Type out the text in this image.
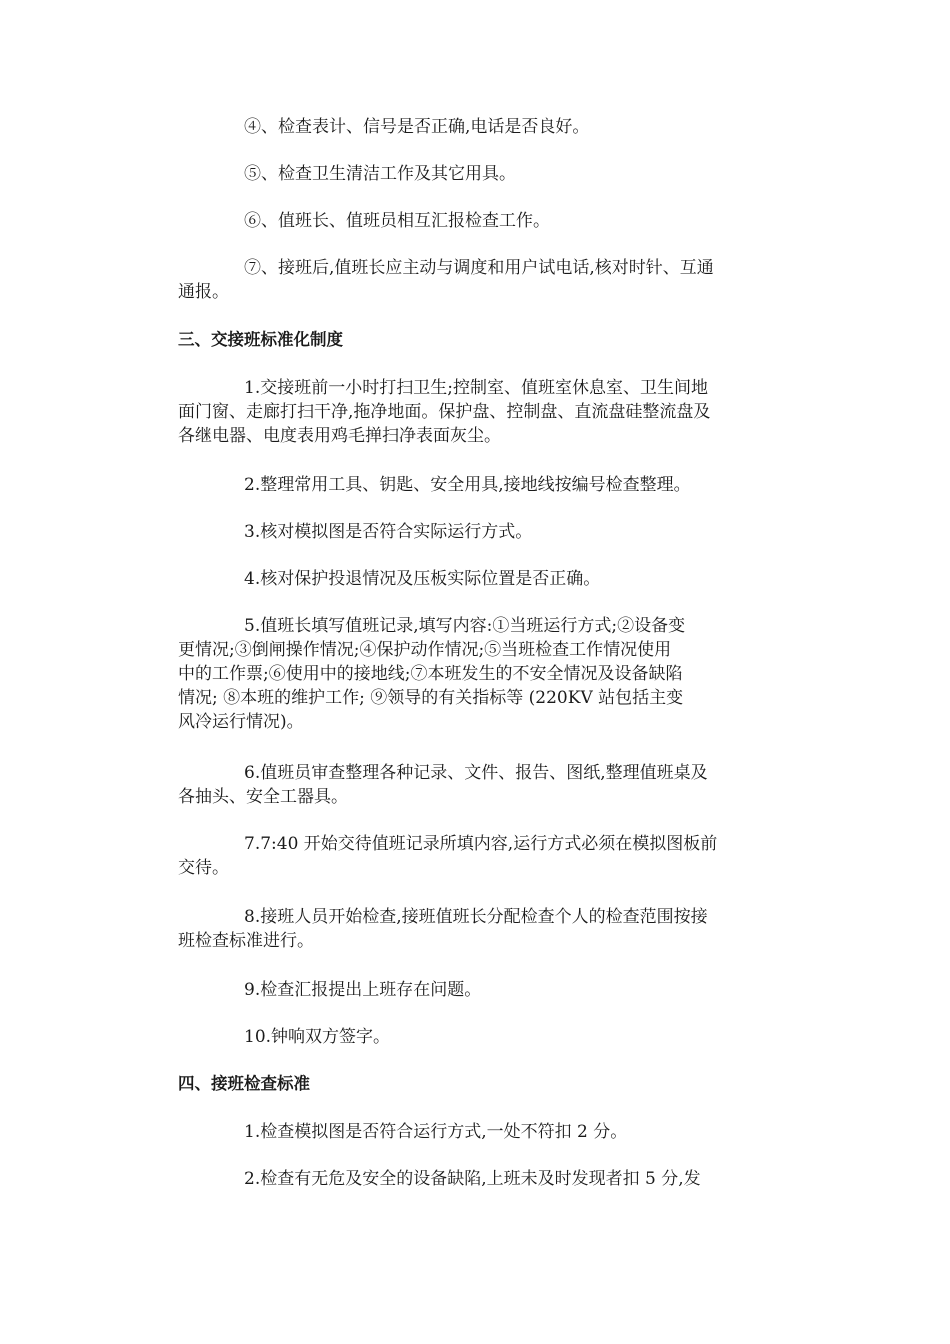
④、检查表计、信号是否正确,电话是否良好。

⑤、检查卫生清洁工作及其它用具。

⑥、值班长、值班员相互汇报检查工作。

⑦、接班后,值班长应主动与调度和用户试电话,核对时针、互通
通报。

三、交接班标准化制度

1.交接班前一小时打扫卫生;控制室、值班室休息室、卫生间地
面门窗、走廊打扫干净,拖净地面。保护盘、控制盘、直流盘硅整流盘及
各继电器、电度表用鸡毛掸扫净表面灰尘。

2.整理常用工具、钥匙、安全用具,接地线按编号检查整理。

3.核对模拟图是否符合实际运行方式。

4.核对保护投退情况及压板实际位置是否正确。

5.值班长填写值班记录,填写内容:①当班运行方式;②设备变
更情况;③倒闸操作情况;④保护动作情况;⑤当班检查工作情况使用
中的工作票;⑥使用中的接地线;⑦本班发生的不安全情况及设备缺陷
情况; ⑧本班的维护工作; ⑨领导的有关指标等 (220KV 站包括主变
风冷运行情况)。

6.值班员审查整理各种记录、文件、报告、图纸,整理值班桌及
各抽头、安全工器具。

7.7:40 开始交待值班记录所填内容,运行方式必须在模拟图板前
交待。

8.接班人员开始检查,接班值班长分配检查个人的检查范围按接
班检查标准进行。

9.检查汇报提出上班存在问题。

10.钟响双方签字。

四、接班检查标准

1.检查模拟图是否符合运行方式,一处不符扣 2 分。

2.检查有无危及安全的设备缺陷,上班未及时发现者扣 5 分,发
